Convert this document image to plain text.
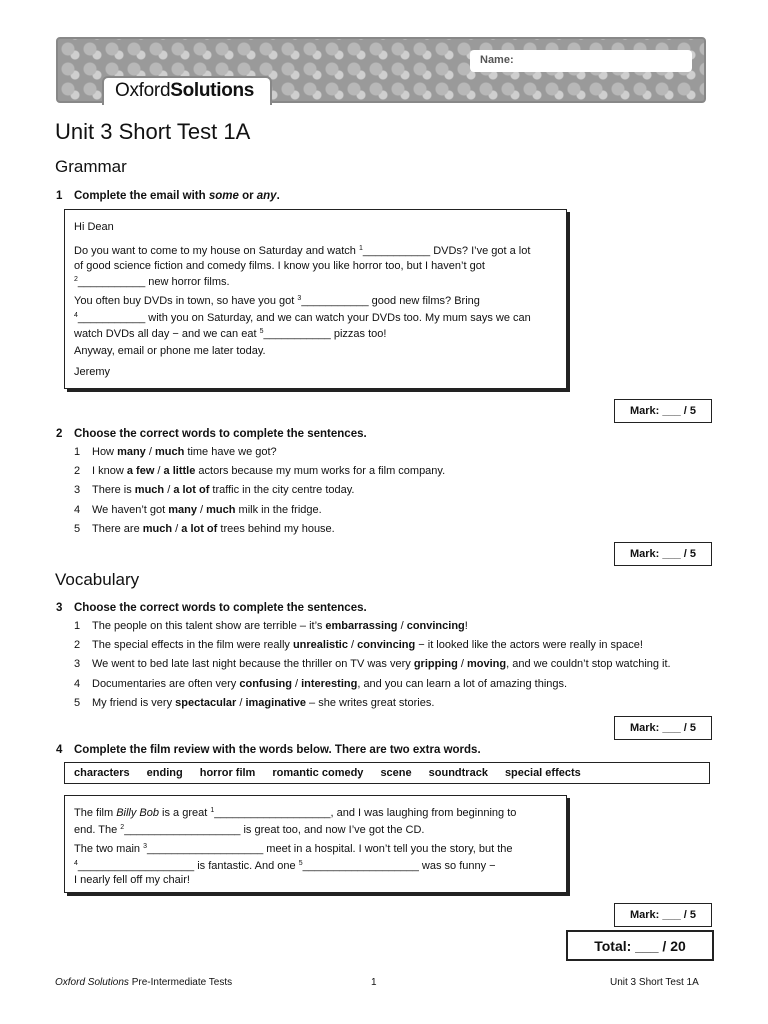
Name:
OxfordSolutions
Unit 3 Short Test 1A
Grammar
1 Complete the email with some or any.
Hi Dean
Do you want to come to my house on Saturday and watch $^1$___________ DVDs? I’ve got a lot
of good science fiction and comedy films. I know you like horror too, but I haven’t got
$^2$___________ new horror films.
You often buy DVDs in town, so have you got $^3$___________ good new films? Bring
$^4$___________ with you on Saturday, and we can watch your DVDs too. My mum says we can
watch DVDs all day − and we can eat $^5$___________ pizzas too!
Anyway, email or phone me later today.
Jeremy
Mark: ___ / 5
2 Choose the correct words to complete the sentences.
1 How many / much time have we got?
2 I know a few / a little actors because my mum works for a film company.
3 There is much / a lot of traffic in the city centre today.
4 We haven’t got many / much milk in the fridge.
5 There are much / a lot of trees behind my house.
Mark: ___ / 5
Vocabulary
3 Choose the correct words to complete the sentences.
1 The people on this talent show are terrible – it’s embarrassing / convincing!
2 The special effects in the film were really unrealistic / convincing − it looked like the actors were really in space!
3 We went to bed late last night because the thriller on TV was very gripping / moving, and we couldn’t stop watching it.
4 Documentaries are often very confusing / interesting, and you can learn a lot of amazing things.
5 My friend is very spectacular / imaginative – she writes great stories.
Mark: ___ / 5
4 Complete the film review with the words below. There are two extra words.
characters ending horror film romantic comedy scene soundtrack special effects
The film Billy Bob is a great $^1$___________________, and I was laughing from beginning to
end. The $^2$___________________ is great too, and now I’ve got the CD.
The two main $^3$___________________ meet in a hospital. I won’t tell you the story, but the
$^4$___________________ is fantastic. And one $^5$___________________ was so funny −
I nearly fell off my chair!
Mark: ___ / 5
Total: ___ / 20
Oxford Solutions Pre-Intermediate Tests	1	Unit 3 Short Test 1A
